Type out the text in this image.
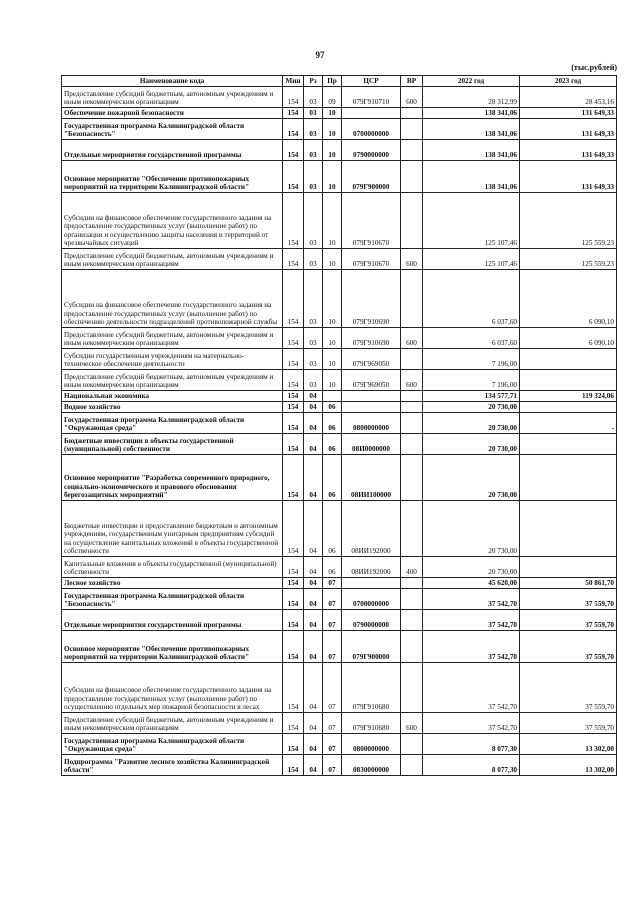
97
(тыс.рублей)
Наименование кода	Мин	Рз	Пр	ЦСР	ВР	2022 год	2023 год
Предоставление субсидий бюджетным, автономным учреждениям и иным некоммерческим организациям	154	03	09	079Г910710	600	28 312,99	28 453,16
Обеспечение пожарной безопасности	154	03	10			138 341,06	131 649,33
Государственная программа Калининградской области "Безопасность"	154	03	10	0700000000		138 341,06	131 649,33
Отдельные мероприятия государственной программы	154	03	10	0790000000		138 341,06	131 649,33
Основное мероприятие "Обеспечение противопожарных мероприятий на территории Калининградской области"	154	03	10	079Г900000		138 341,06	131 649,33
Субсидии на финансовое обеспечение государственного задания на предоставление государственных услуг (выполнение работ) по организации и осуществлению защиты населения и территорий от чрезвычайных ситуаций	154	03	10	079Г910670		125 107,46	125 559,23
Предоставление субсидий бюджетным, автономным учреждениям и иным некоммерческим организациям	154	03	10	079Г910670	600	125 107,46	125 559,23
Субсидии на финансовое обеспечение государственного задания на предоставление государственных услуг (выполнение работ) по обеспечению деятельности подразделений противопожарной службы	154	03	10	079Г910690		6 037,60	6 090,10
Предоставление субсидий бюджетным, автономным учреждениям и иным некоммерческим организациям	154	03	10	079Г910690	600	6 037,60	6 090,10
Субсидии государственным учреждениям на материально-техническое обеспечение деятельности	154	03	10	079Г969050		7 196,00	
Предоставление субсидий бюджетным, автономным учреждениям и иным некоммерческим организациям	154	03	10	079Г969050	600	7 196,00	
Национальная экономика	154	04				134 577,71	119 324,06
Водное хозяйство	154	04	06			20 730,00	
Государственная программа Калининградской области "Окружающая среда"	154	04	06	0800000000		20 730,00	-
Бюджетные инвестиции в объекты государственной (муниципальной) собственности	154	04	06	08И0000000		20 730,00	
Основное мероприятие "Разработка современного природного, социально-экономического и правового обоснования берегозащитных мероприятий"	154	04	06	08ИИ100000		20 730,00	
Бюджетные инвестиции и предоставление бюджетным и автономным учреждениям, государственным унитарным предприятиям субсидий на осуществление капитальных вложений в объекты государственной собственности	154	04	06	08ИИ192000		20 730,00	
Капитальные вложения в объекты государственной (муниципальной) собственности	154	04	06	08ИИ192000	400	20 730,00	
Лесное хозяйство	154	04	07			45 620,00	50 861,70
Государственная программа Калининградской области "Безопасность"	154	04	07	0700000000		37 542,70	37 559,70
Отдельные мероприятия государственной программы	154	04	07	0790000000		37 542,70	37 559,70
Основное мероприятие "Обеспечение противопожарных мероприятий на территории Калининградской области"	154	04	07	079Г900000		37 542,70	37 559,70
Субсидии на финансовое обеспечение государственного задания на предоставление государственных услуг (выполнение работ) по осуществлению отдельных мер пожарной безопасности в лесах	154	04	07	079Г910680		37 542,70	37 559,70
Предоставление субсидий бюджетным, автономным учреждениям и иным некоммерческим организациям	154	04	07	079Г910680	600	37 542,70	37 559,70
Государственная программа Калининградской области "Окружающая среда"	154	04	07	0800000000		8 077,30	13 302,00
Подпрограмма "Развитие лесного хозяйства Калининградской области"	154	04	07	0830000000		8 077,30	13 302,00
